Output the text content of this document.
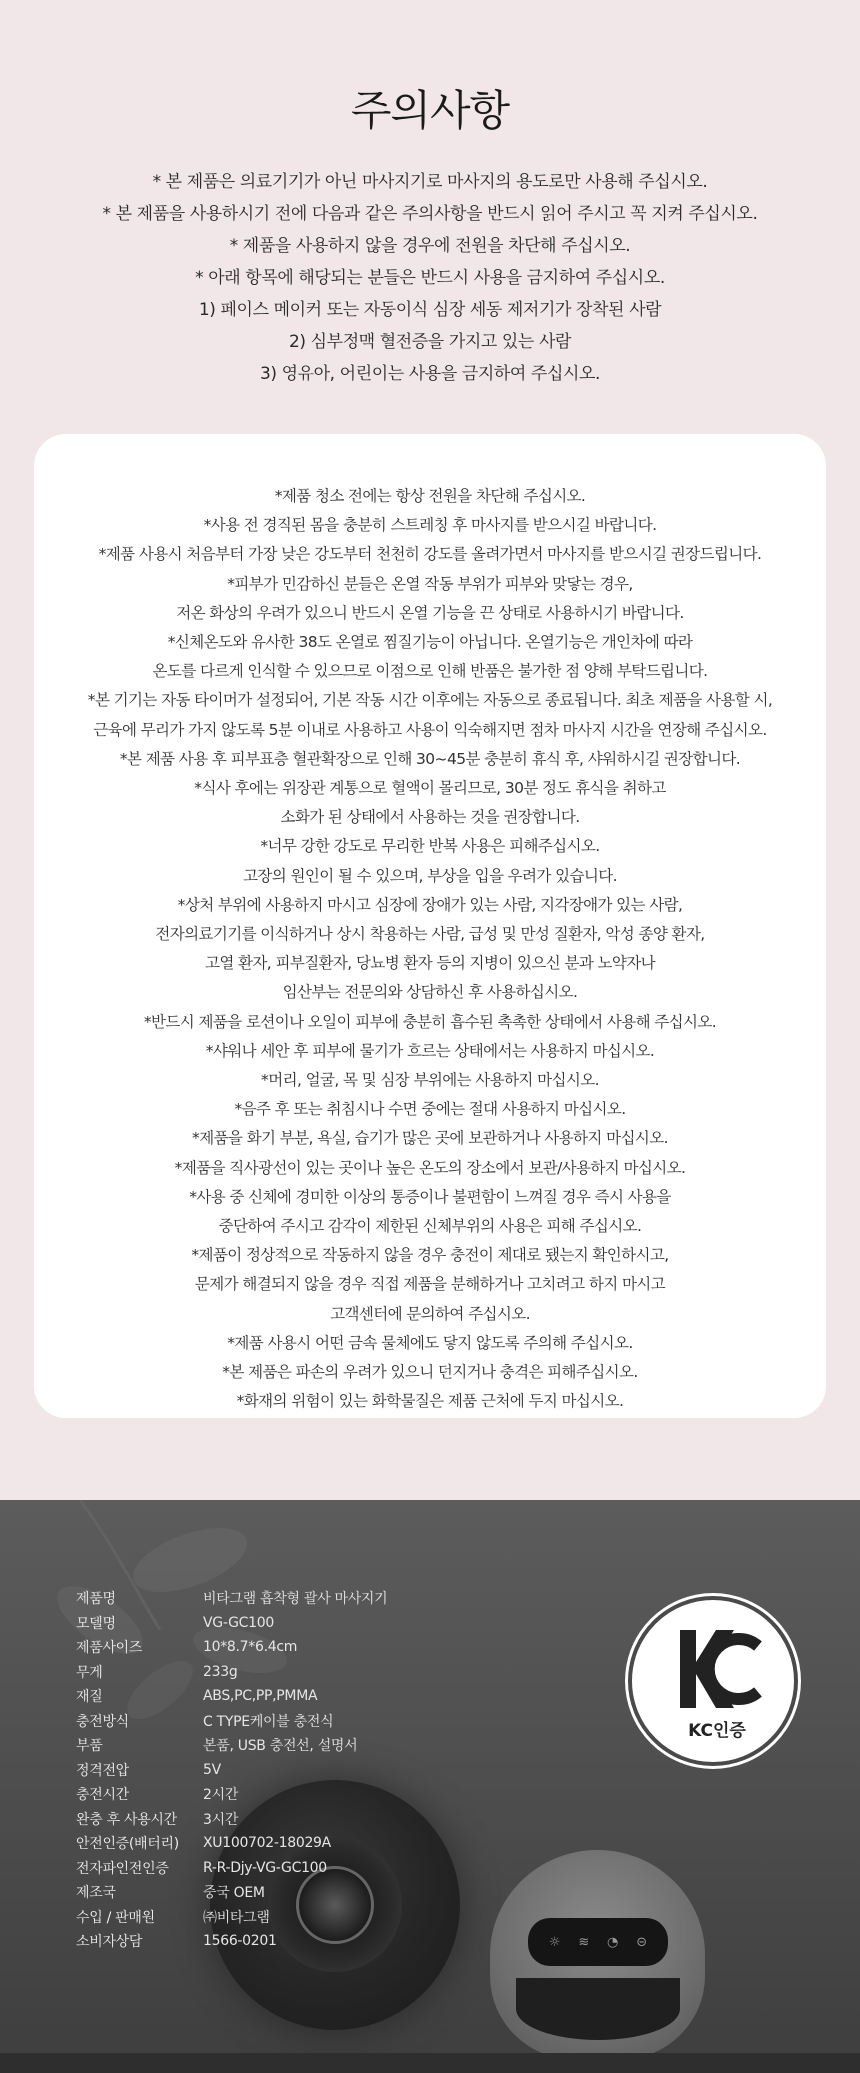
주의사항
* 본 제품은 의료기기가 아닌 마사지기로 마사지의 용도로만 사용해 주십시오.
* 본 제품을 사용하시기 전에 다음과 같은 주의사항을 반드시 읽어 주시고 꼭 지켜 주십시오.
* 제품을 사용하지 않을 경우에 전원을 차단해 주십시오.
* 아래 항목에 해당되는 분들은 반드시 사용을 금지하여 주십시오.
1) 페이스 메이커 또는 자동이식 심장 세동 제저기가 장착된 사람
2) 심부정맥 혈전증을 가지고 있는 사람
3) 영유아, 어린이는 사용을 금지하여 주십시오.
*제품 청소 전에는 항상 전원을 차단해 주십시오.
*사용 전 경직된 몸을 충분히 스트레칭 후 마사지를 받으시길 바랍니다.
*제품 사용시 처음부터 가장 낮은 강도부터 천천히 강도를 올려가면서 마사지를 받으시길 권장드립니다.
*피부가 민감하신 분들은 온열 작동 부위가 피부와 맞닿는 경우,
저온 화상의 우려가 있으니 반드시 온열 기능을 끈 상태로 사용하시기 바랍니다.
*신체온도와 유사한 38도 온열로 찜질기능이 아닙니다. 온열기능은 개인차에 따라
온도를 다르게 인식할 수 있으므로 이점으로 인해 반품은 불가한 점 양해 부탁드립니다.
*본 기기는 자동 타이머가 설정되어, 기본 작동 시간 이후에는 자동으로 종료됩니다. 최초 제품을 사용할 시,
근육에 무리가 가지 않도록 5분 이내로 사용하고 사용이 익숙해지면 점차 마사지 시간을 연장해 주십시오.
*본 제품 사용 후 피부표층 혈관확장으로 인해 30~45분 충분히 휴식 후, 샤워하시길 권장합니다.
*식사 후에는 위장관 계통으로 혈액이 몰리므로, 30분 정도 휴식을 취하고
소화가 된 상태에서 사용하는 것을 권장합니다.
*너무 강한 강도로 무리한 반복 사용은 피해주십시오.
고장의 원인이 될 수 있으며, 부상을 입을 우려가 있습니다.
*상처 부위에 사용하지 마시고 심장에 장애가 있는 사람, 지각장애가 있는 사람,
전자의료기기를 이식하거나 상시 착용하는 사람, 급성 및 만성 질환자, 악성 종양 환자,
고열 환자, 피부질환자, 당뇨병 환자 등의 지병이 있으신 분과 노약자나
임산부는 전문의와 상담하신 후 사용하십시오.
*반드시 제품을 로션이나 오일이 피부에 충분히 흡수된 촉촉한 상태에서 사용해 주십시오.
*샤워나 세안 후 피부에 물기가 흐르는 상태에서는 사용하지 마십시오.
*머리, 얼굴, 목 및 심장 부위에는 사용하지 마십시오.
*음주 후 또는 취침시나 수면 중에는 절대 사용하지 마십시오.
*제품을 화기 부분, 욕실, 습기가 많은 곳에 보관하거나 사용하지 마십시오.
*제품을 직사광선이 있는 곳이나 높은 온도의 장소에서 보관/사용하지 마십시오.
*사용 중 신체에 경미한 이상의 통증이나 불편함이 느껴질 경우 즉시 사용을
중단하여 주시고 감각이 제한된 신체부위의 사용은 피해 주십시오.
*제품이 정상적으로 작동하지 않을 경우 충전이 제대로 됐는지 확인하시고,
문제가 해결되지 않을 경우 직접 제품을 분해하거나 고치려고 하지 마시고
고객센터에 문의하여 주십시오.
*제품 사용시 어떤 금속 물체에도 닿지 않도록 주의해 주십시오.
*본 제품은 파손의 우려가 있으니 던지거나 충격은 피해주십시오.
*화재의 위험이 있는 화학물질은 제품 근처에 두지 마십시오.
☼ ≋ ◔ ⊝
제품명	비타그램 흡착형 괄사 마사지기
모델명	VG-GC100
제품사이즈	10*8.7*6.4cm
무게	233g
재질	ABS,PC,PP,PMMA
충전방식	C TYPE케이블 충전식
부품	본품, USB 충전선, 설명서
정격전압	5V
충전시간	2시간
완충 후 사용시간	3시간
안전인증(배터리)	XU100702-18029A
전자파인전인증	R-R-Djy-VG-GC100
제조국	중국 OEM
수입 / 판매원	㈜비타그램
소비자상담	1566-0201
KC인증
